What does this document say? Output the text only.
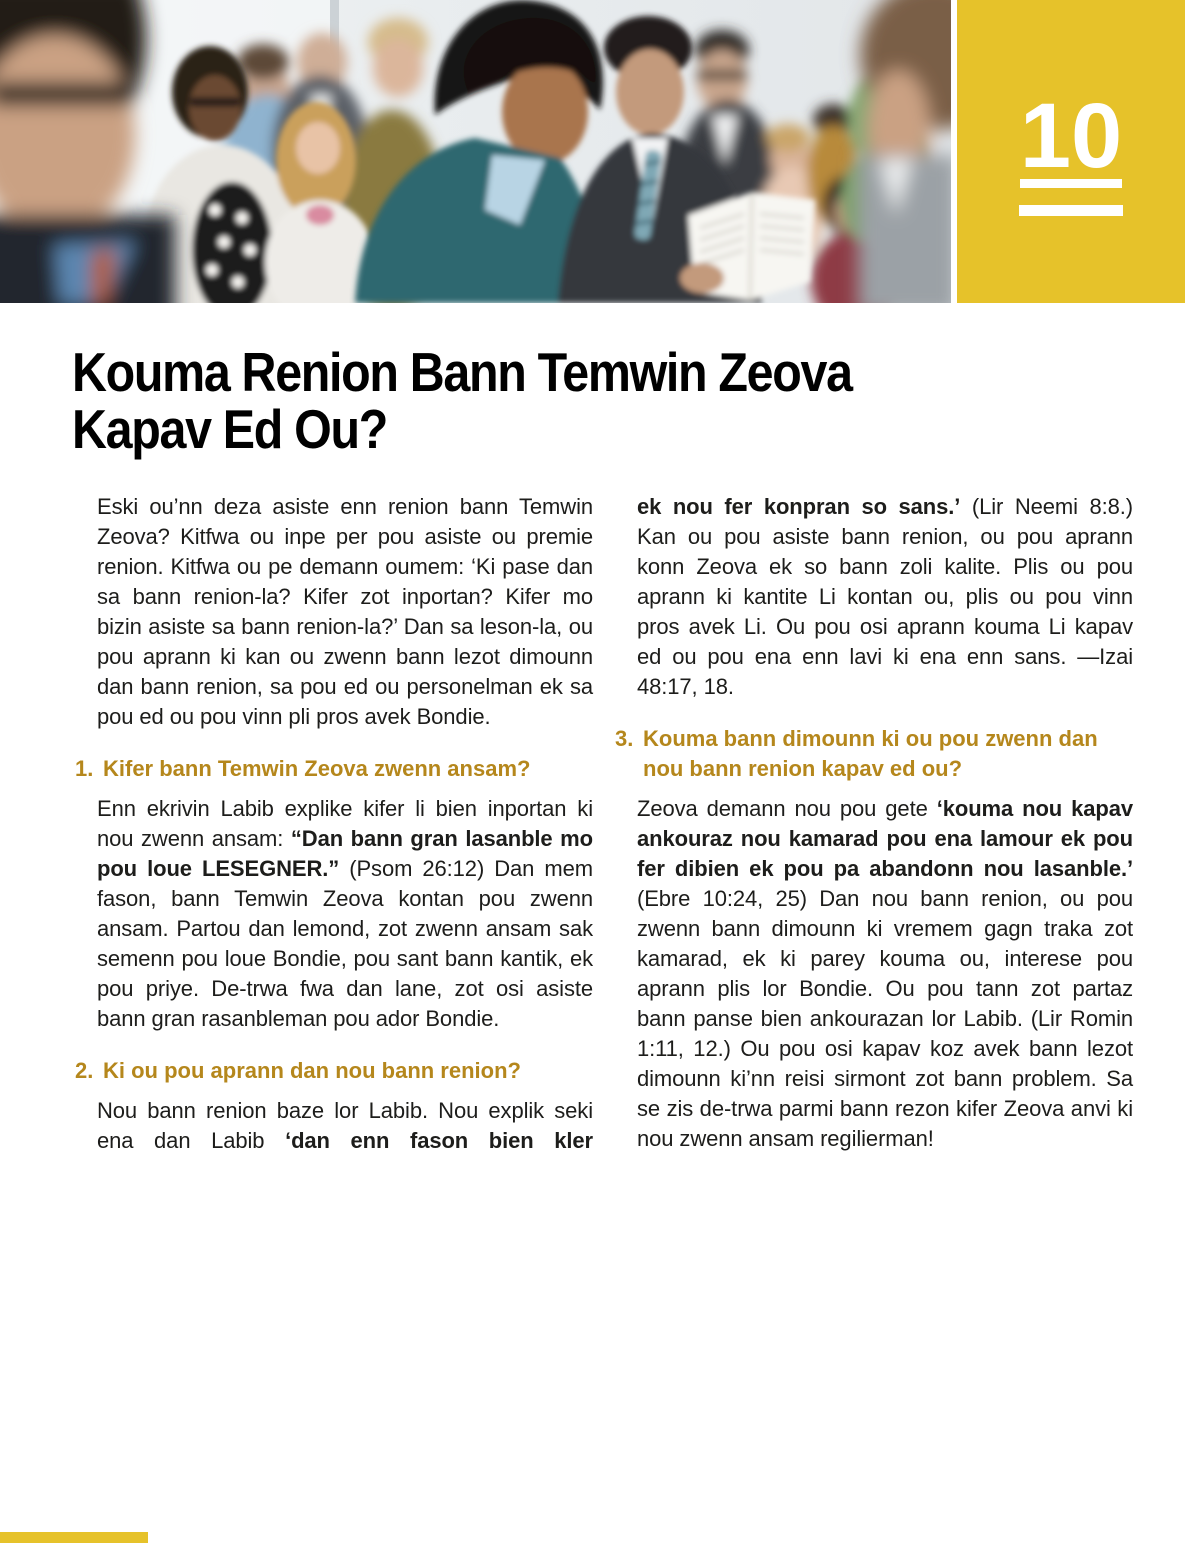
10
Kouma Renion Bann Temwin Zeova
Kapav Ed Ou?

Eski ou’nn deza asiste enn renion bann Temwin Zeova? Kitfwa ou inpe per pou asiste ou premie renion. Kitfwa ou pe demann oumem: ‘Ki pase dan sa bann renion-la? Kifer zot inportan? Kifer mo bizin asiste sa bann renion-la?’ Dan sa leson-la, ou pou aprann ki kan ou zwenn bann lezot dimounn dan bann renion, sa pou ed ou personelman ek sa pou ed ou pou vinn pli pros avek Bondie.

1. Kifer bann Temwin Zeova zwenn ansam?

Enn ekrivin Labib explike kifer li bien inportan ki nou zwenn ansam: “Dan bann gran lasanble mo pou loue LESEGNER.” (Psom 26:12) Dan mem fason, bann Temwin Zeova kontan pou zwenn ansam. Partou dan lemond, zot zwenn ansam sak semenn pou loue Bondie, pou sant bann kantik, ek pou priye. De-trwa fwa dan lane, zot osi asiste bann gran rasanbleman pou ador Bondie.

2. Ki ou pou aprann dan nou bann renion?

Nou bann renion baze lor Labib. Nou explik seki ena dan Labib ‘dan enn fason bien kler

ek nou fer konpran so sans.’ (Lir Neemi 8:8.) Kan ou pou asiste bann renion, ou pou aprann konn Zeova ek so bann zoli kalite. Plis ou pou aprann ki kantite Li kontan ou, plis ou pou vinn pros avek Li. Ou pou osi aprann kouma Li kapav ed ou pou ena enn lavi ki ena enn sans. —Izai 48:17, 18.

3. Kouma bann dimounn ki ou pou zwenn dan nou bann renion kapav ed ou?

Zeova demann nou pou gete ‘kouma nou kapav ankouraz nou kamarad pou ena lamour ek pou fer dibien ek pou pa abandonn nou lasanble.’ (Ebre 10:24, 25) Dan nou bann renion, ou pou zwenn bann dimounn ki vremem gagn traka zot kamarad, ek ki parey kouma ou, interese pou aprann plis lor Bondie. Ou pou tann zot partaz bann panse bien ankourazan lor Labib. (Lir Romin 1:11, 12.) Ou pou osi kapav koz avek bann lezot dimounn ki’nn reisi sirmont zot bann problem. Sa se zis de-trwa parmi bann rezon kifer Zeova anvi ki nou zwenn ansam regilierman!
